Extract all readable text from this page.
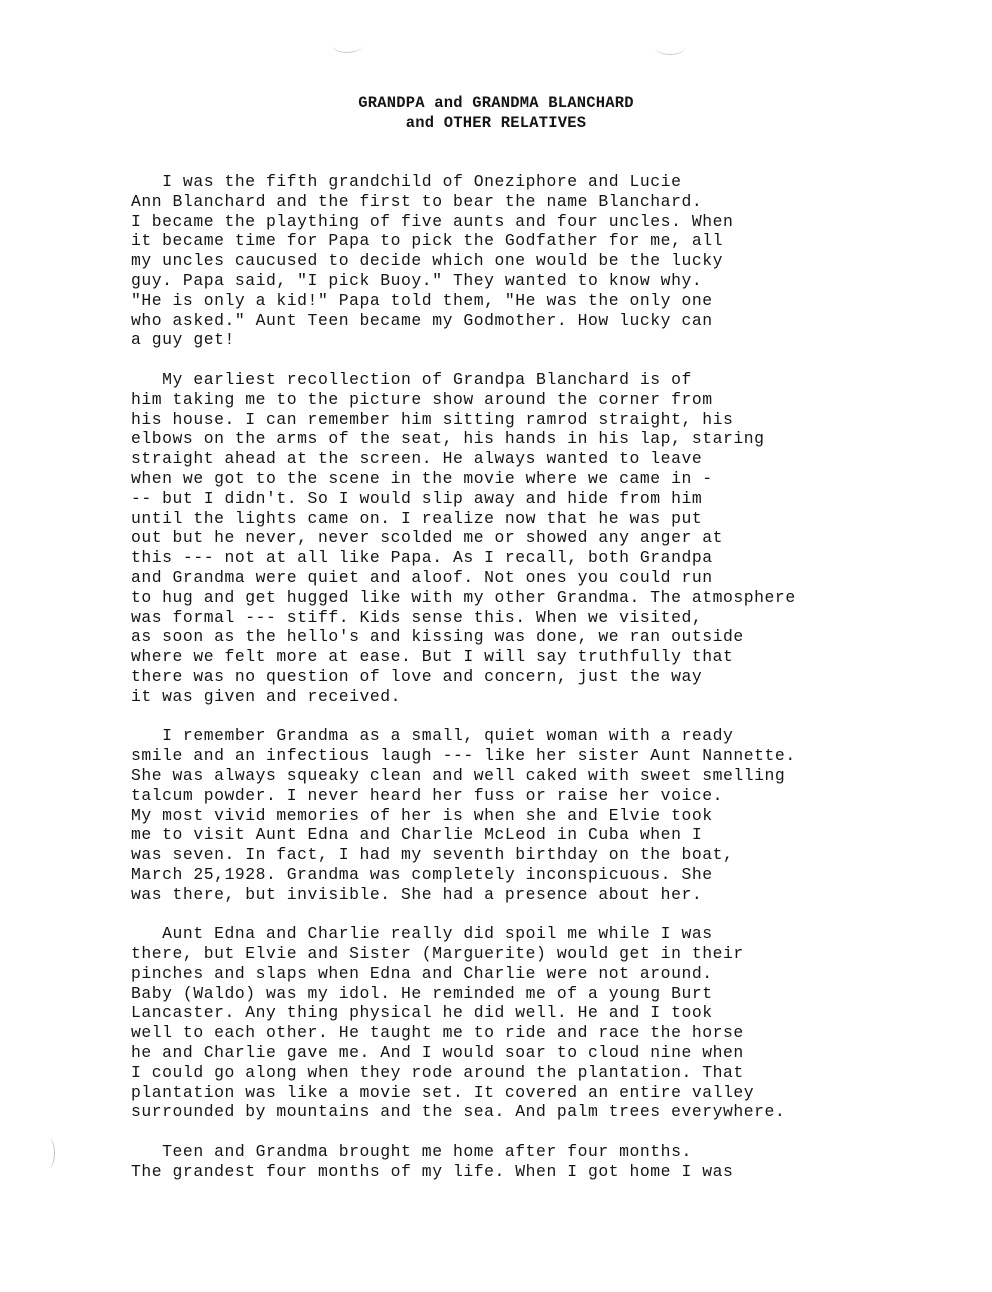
GRANDPA and GRANDMA BLANCHARD
and OTHER RELATIVES
I was the fifth grandchild of Oneziphore and Lucie
Ann Blanchard and the first to bear the name Blanchard.
I became the plaything of five aunts and four uncles. When
it became time for Papa to pick the Godfather for me, all
my uncles caucused to decide which one would be the lucky
guy. Papa said, "I pick Buoy." They wanted to know why.
"He is only a kid!" Papa told them, "He was the only one
who asked." Aunt Teen became my Godmother. How lucky can
a guy get!
My earliest recollection of Grandpa Blanchard is of
him taking me to the picture show around the corner from
his house. I can remember him sitting ramrod straight, his
elbows on the arms of the seat, his hands in his lap, staring
straight ahead at the screen. He always wanted to leave
when we got to the scene in the movie where we came in -
-- but I didn't. So I would slip away and hide from him
until the lights came on. I realize now that he was put
out but he never, never scolded me or showed any anger at
this --- not at all like Papa. As I recall, both Grandpa
and Grandma were quiet and aloof. Not ones you could run
to hug and get hugged like with my other Grandma. The atmosphere
was formal --- stiff. Kids sense this. When we visited,
as soon as the hello's and kissing was done, we ran outside
where we felt more at ease. But I will say truthfully that
there was no question of love and concern, just the way
it was given and received.
I remember Grandma as a small, quiet woman with a ready
smile and an infectious laugh --- like her sister Aunt Nannette.
She was always squeaky clean and well caked with sweet smelling
talcum powder. I never heard her fuss or raise her voice.
My most vivid memories of her is when she and Elvie took
me to visit Aunt Edna and Charlie McLeod in Cuba when I
was seven. In fact, I had my seventh birthday on the boat,
March 25,1928. Grandma was completely inconspicuous. She
was there, but invisible. She had a presence about her.
Aunt Edna and Charlie really did spoil me while I was
there, but Elvie and Sister (Marguerite) would get in their
pinches and slaps when Edna and Charlie were not around.
Baby (Waldo) was my idol. He reminded me of a young Burt
Lancaster. Any thing physical he did well. He and I took
well to each other. He taught me to ride and race the horse
he and Charlie gave me. And I would soar to cloud nine when
I could go along when they rode around the plantation. That
plantation was like a movie set. It covered an entire valley
surrounded by mountains and the sea. And palm trees everywhere.
Teen and Grandma brought me home after four months.
The grandest four months of my life. When I got home I was
